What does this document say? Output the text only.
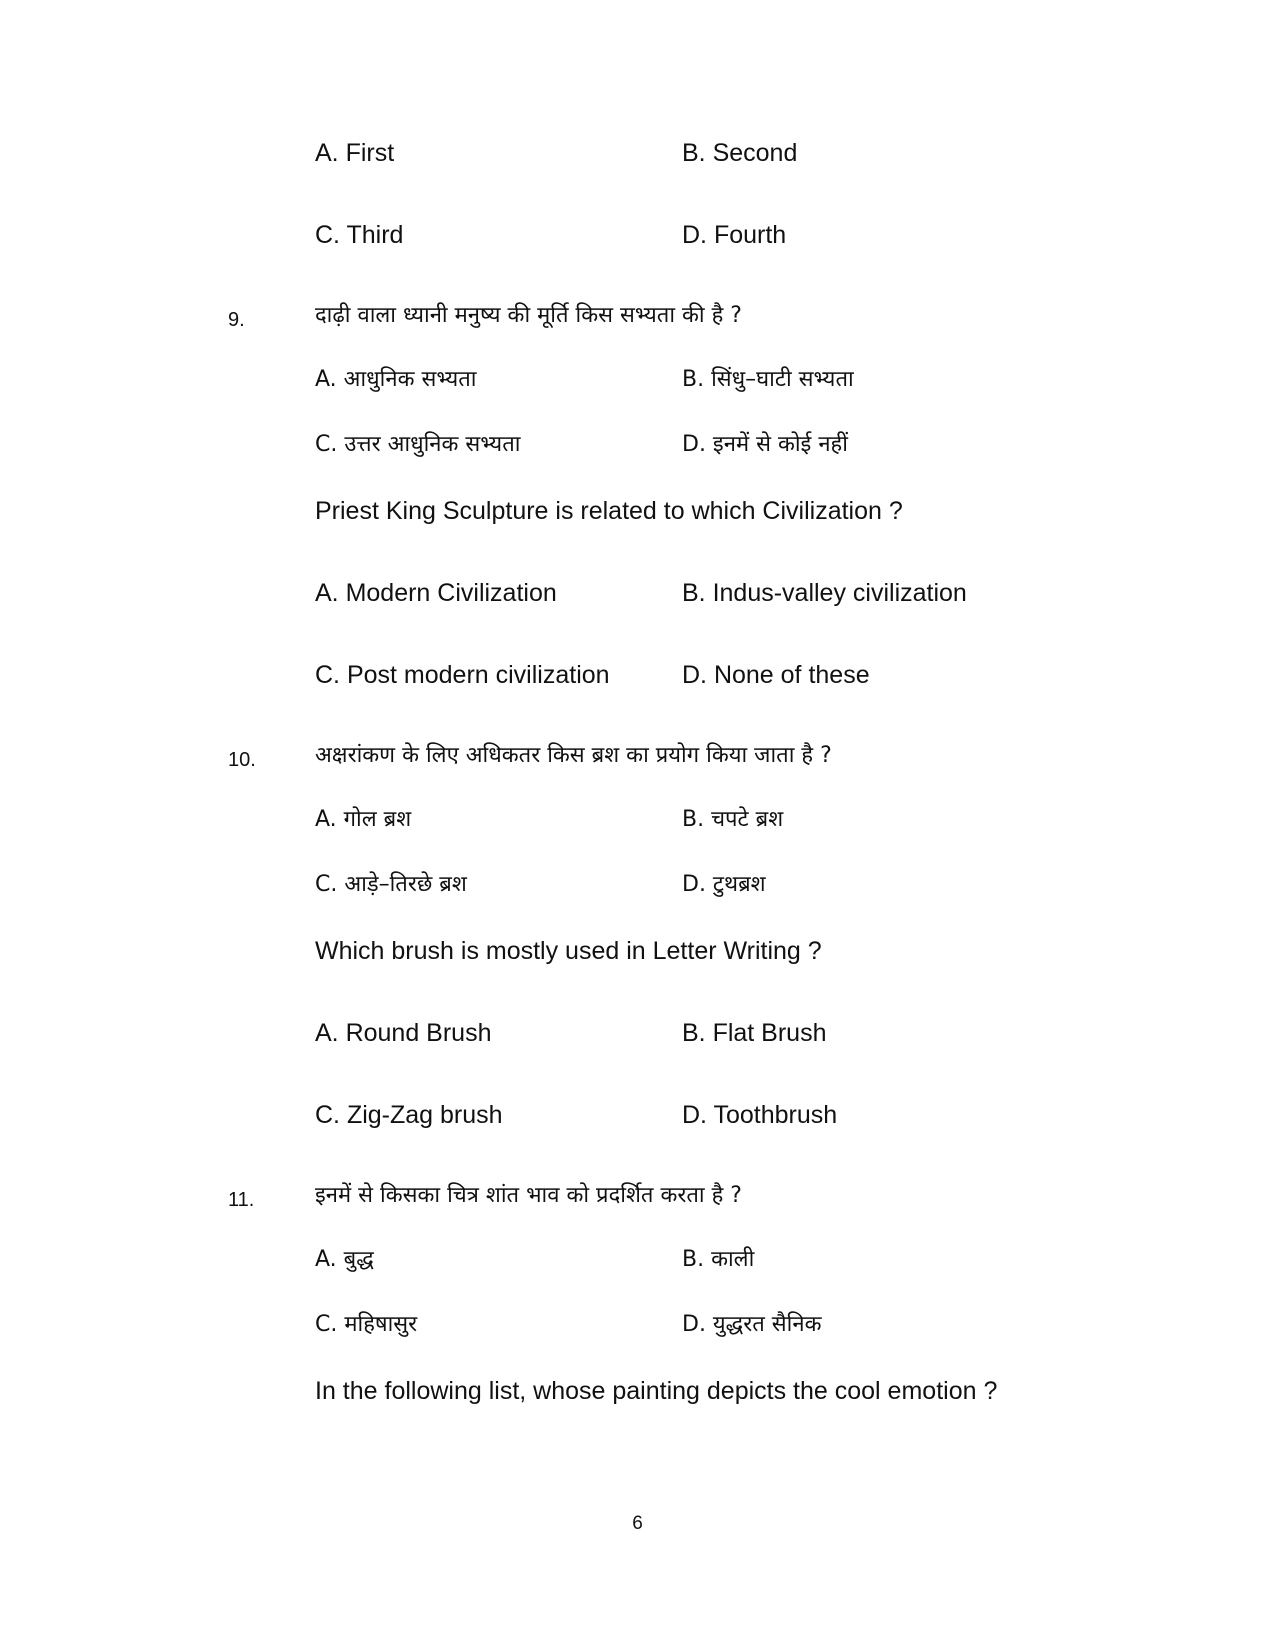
A. First	B. Second
C. Third	D. Fourth
9.	दाढ़ी वाला ध्यानी मनुष्य की मूर्ति किस सभ्यता की है ?
A. आधुनिक सभ्यता	B. सिंधु–घाटी सभ्यता
C. उत्तर आधुनिक सभ्यता	D. इनमें से कोई नहीं
Priest King Sculpture is related to which Civilization ?
A. Modern Civilization	B. Indus-valley civilization
C. Post modern civilization	D. None of these
10.	अक्षरांकण के लिए अधिकतर किस ब्रश का प्रयोग किया जाता है ?
A. गोल ब्रश	B. चपटे ब्रश
C. आड़े–तिरछे ब्रश	D. टुथब्रश
Which brush is mostly used in Letter Writing ?
A. Round Brush	B. Flat Brush
C. Zig-Zag brush	D. Toothbrush
11.	इनमें से किसका चित्र शांत भाव को प्रदर्शित करता है ?
A. बुद्ध	B. काली
C. महिषासुर	D. युद्धरत सैनिक
In the following list, whose painting depicts the cool emotion ?
6
